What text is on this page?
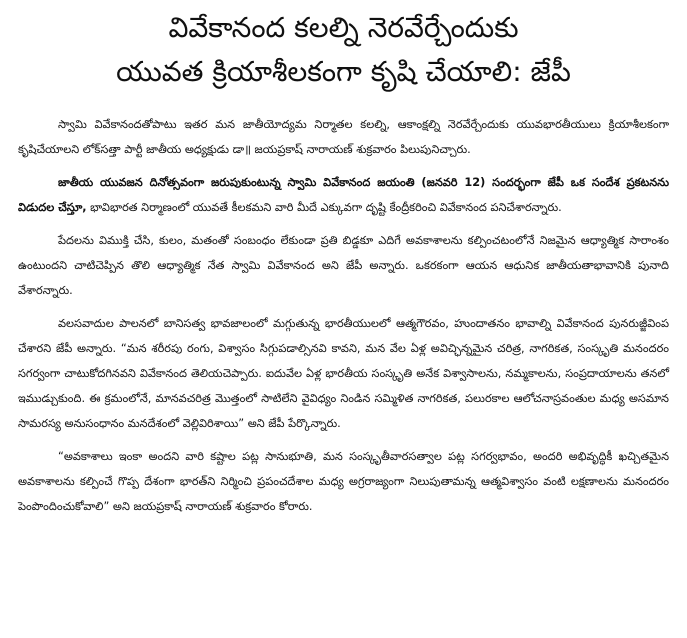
వివేకానంద కలల్ని నెరవేర్చేందుకు
యువత క్రియాశీలకంగా కృషి చేయాలి: జేపీ

స్వామి వివేకానందతోపాటు ఇతర మన జాతీయోద్యమ నిర్మాతల కలల్ని, ఆకాంక్షల్ని నెరవేర్చేందుకు యువభారతీయులు క్రియాశీలకంగా కృషిచేయాలని లోక్‌సత్తా పార్టీ జాతీయ అధ్యక్షుడు డా॥ జయప్రకాష్ నారాయణ్ శుక్రవారం పిలుపునిచ్చారు.

జాతీయ యువజన దినోత్సవంగా జరుపుకుంటున్న స్వామి వివేకానంద జయంతి (జనవరి 12) సందర్భంగా జేపీ ఒక సందేశ ప్రకటనను విడుదల చేస్తూ, భావిభారత నిర్మాణంలో యువతే కీలకమని వారి మీదే ఎక్కువగా దృష్టి కేంద్రీకరించి వివేకానంద పనిచేశారన్నారు.

పేదలను విముక్తి చేసి, కులం, మతంతో సంబంధం లేకుండా ప్రతి బిడ్డకూ ఎదిగే అవకాశాలను కల్పించటంలోనే నిజమైన ఆధ్యాత్మిక సారాంశం ఉంటుందని చాటిచెప్పిన తొలి ఆధ్యాత్మిక నేత స్వామి వివేకానంద అని జేపీ అన్నారు. ఒకరకంగా ఆయన ఆధునిక జాతీయతాభావానికి పునాది వేశారన్నారు.

వలసవాదుల పాలనలో బానిసత్వ భావజాలంలో మగ్గుతున్న భారతీయులలో ఆత్మగౌరవం, హుందాతనం భావాల్ని వివేకానంద పునరుజ్జీవింప చేశారని జేపీ అన్నారు. “మన శరీరపు రంగు, విశ్వాసం సిగ్గుపడాల్సినవి కావని, మన వేల ఏళ్ల అవిచ్ఛిన్నమైన చరిత్ర, నాగరికత, సంస్కృతి మనందరం సగర్వంగా చాటుకోదగినవని వివేకానంద తెలియచెప్పారు. ఐదువేల ఏళ్ల భారతీయ సంస్కృతి అనేక విశ్వాసాలను, నమ్మకాలను, సంప్రదాయాలను తనలో ఇముడ్చుకుంది. ఈ క్రమంలోనే, మానవచరిత్ర మొత్తంలో సాటిలేని వైవిధ్యం నిండిన సమ్మిళిత నాగరికత, పలురకాల ఆలోచనాస్రవంతుల మధ్య అసమాన సామరస్య అనుసంధానం మనదేశంలో వెల్లివిరిశాయి” అని జేపీ పేర్కొన్నారు.

“అవకాశాలు ఇంకా అందని వారి కష్టాల పట్ల సానుభూతి, మన సంస్కృతీవారసత్వాల పట్ల సగర్వభావం, అందరి అభివృద్ధికీ ఖచ్చితమైన అవకాశాలను కల్పించే గొప్ప దేశంగా భారత్‌ని నిర్మించి ప్రపంచదేశాల మధ్య అగ్రరాజ్యంగా నిలుపుతామన్న ఆత్మవిశ్వాసం వంటి లక్షణాలను మనందరం పెంపొందించుకోవాలి” అని జయప్రకాష్ నారాయణ్ శుక్రవారం కోరారు.
